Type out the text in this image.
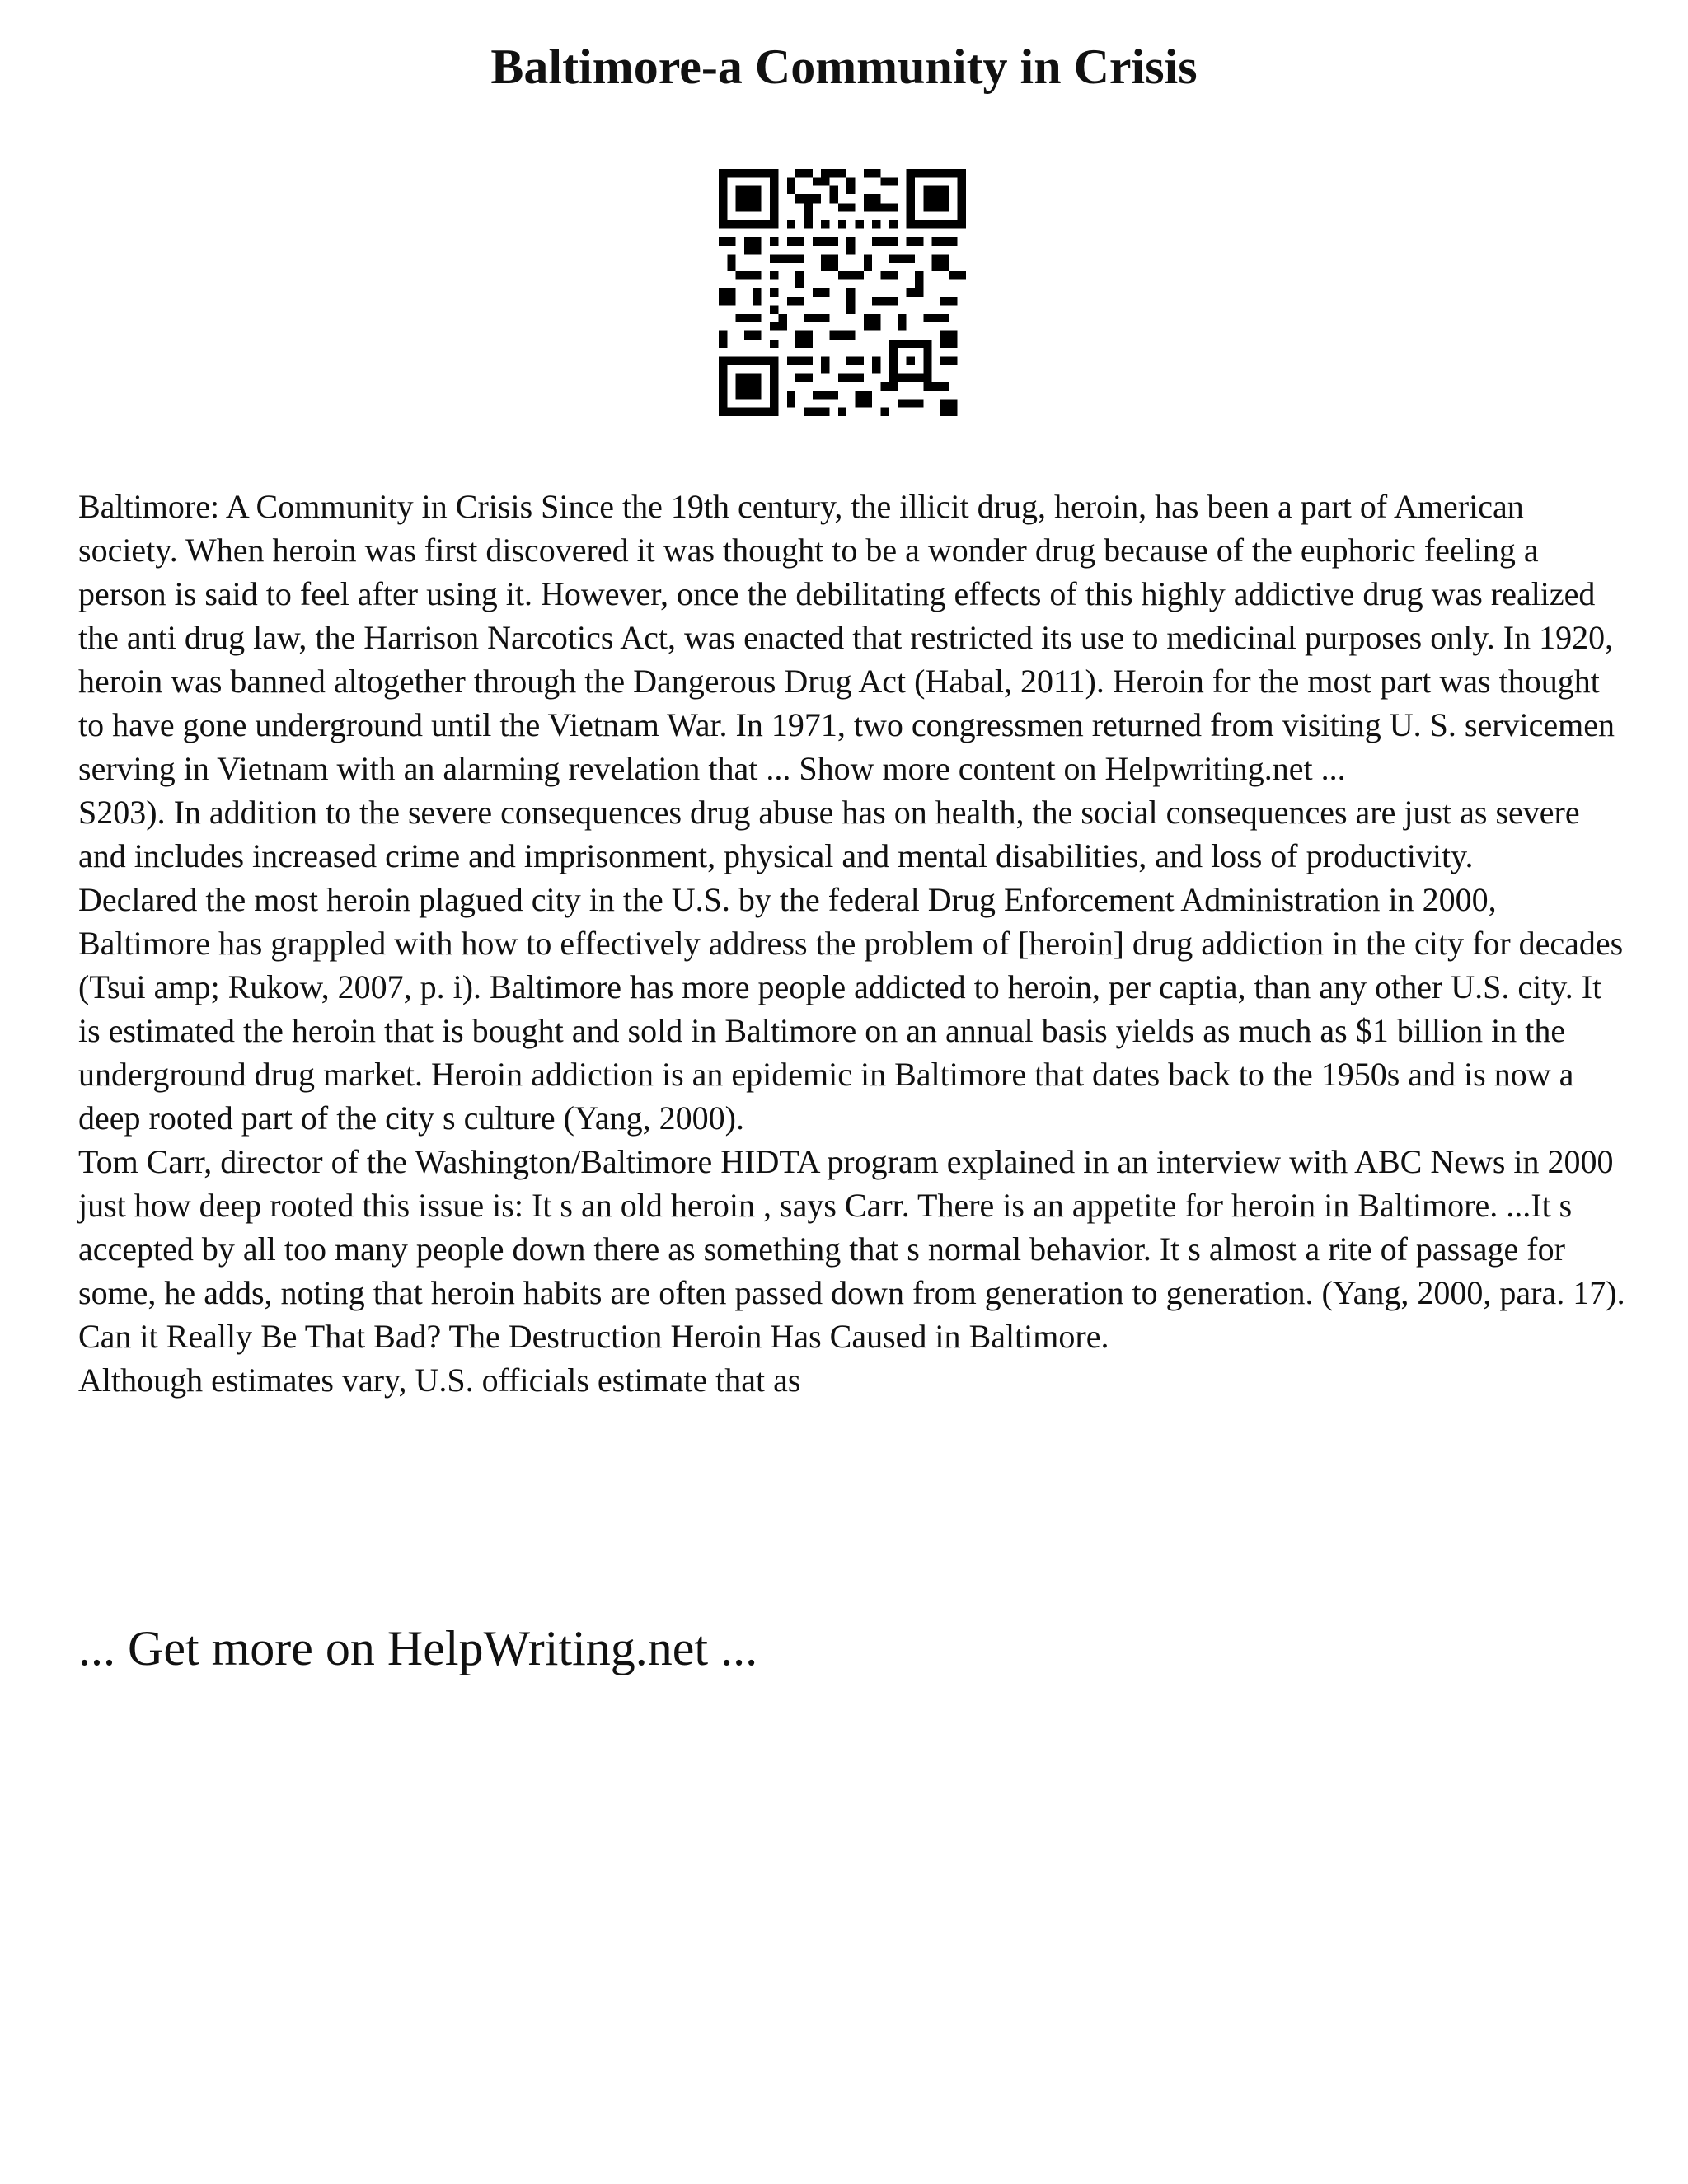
Baltimore-a Community in Crisis

Baltimore: A Community in Crisis Since the 19th century, the illicit drug, heroin, has been a part of American society. When heroin was first discovered it was thought to be a wonder drug because of the euphoric feeling a person is said to feel after using it. However, once the debilitating effects of this highly addictive drug was realized the anti drug law, the Harrison Narcotics Act, was enacted that restricted its use to medicinal purposes only. In 1920, heroin was banned altogether through the Dangerous Drug Act (Habal, 2011). Heroin for the most part was thought to have gone underground until the Vietnam War. In 1971, two congressmen returned from visiting U. S. servicemen serving in Vietnam with an alarming revelation that ... Show more content on Helpwriting.net ...

S203). In addition to the severe consequences drug abuse has on health, the social consequences are just as severe and includes increased crime and imprisonment, physical and mental disabilities, and loss of productivity.

Declared the most heroin plagued city in the U.S. by the federal Drug Enforcement Administration in 2000, Baltimore has grappled with how to effectively address the problem of [heroin] drug addiction in the city for decades (Tsui amp; Rukow, 2007, p. i). Baltimore has more people addicted to heroin, per captia, than any other U.S. city. It is estimated the heroin that is bought and sold in Baltimore on an annual basis yields as much as $1 billion in the underground drug market. Heroin addiction is an epidemic in Baltimore that dates back to the 1950s and is now a deep rooted part of the city s culture (Yang, 2000).

Tom Carr, director of the Washington/Baltimore HIDTA program explained in an interview with ABC News in 2000 just how deep rooted this issue is: It s an old heroin , says Carr. There is an appetite for heroin in Baltimore. ...It s accepted by all too many people down there as something that s normal behavior. It s almost a rite of passage for some, he adds, noting that heroin habits are often passed down from generation to generation. (Yang, 2000, para. 17).

Can it Really Be That Bad? The Destruction Heroin Has Caused in Baltimore.

Although estimates vary, U.S. officials estimate that as

... Get more on HelpWriting.net ...
